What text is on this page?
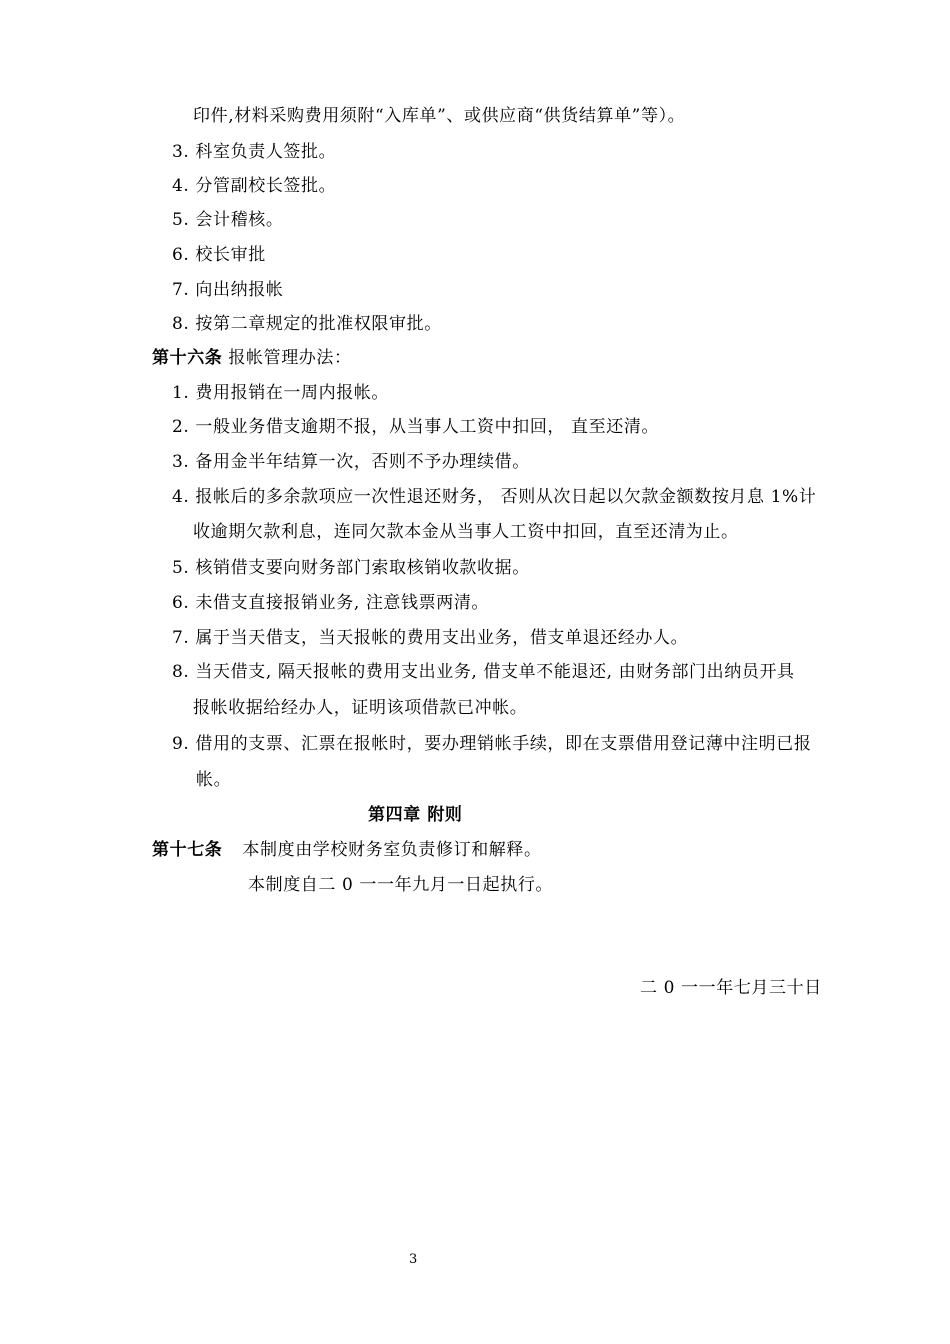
印件,材料采购费用须附“入库单”、或供应商“供货结算单”等）。
3. 科室负责人签批。
4. 分管副校长签批。
5. 会计稽核。
6. 校长审批
7. 向出纳报帐
8. 按第二章规定的批准权限审批。
第十六条 报帐管理办法：
1. 费用报销在一周内报帐。
2. 一般业务借支逾期不报，从当事人工资中扣回， 直至还清。
3. 备用金半年结算一次，否则不予办理续借。
4. 报帐后的多余款项应一次性退还财务， 否则从次日起以欠款金额数按月息 1%计
收逾期欠款利息，连同欠款本金从当事人工资中扣回，直至还清为止。
5. 核销借支要向财务部门索取核销收款收据。
6. 未借支直接报销业务, 注意钱票两清。
7. 属于当天借支，当天报帐的费用支出业务，借支单退还经办人。
8. 当天借支, 隔天报帐的费用支出业务, 借支单不能退还, 由财务部门出纳员开具
报帐收据给经办人，证明该项借款已冲帐。
9. 借用的支票、汇票在报帐时，要办理销帐手续，即在支票借用登记薄中注明已报
帐。
第四章 附则
第十七条 本制度由学校财务室负责修订和解释。
本制度自二 0 一一年九月一日起执行。
二 0 一一年七月三十日
3
